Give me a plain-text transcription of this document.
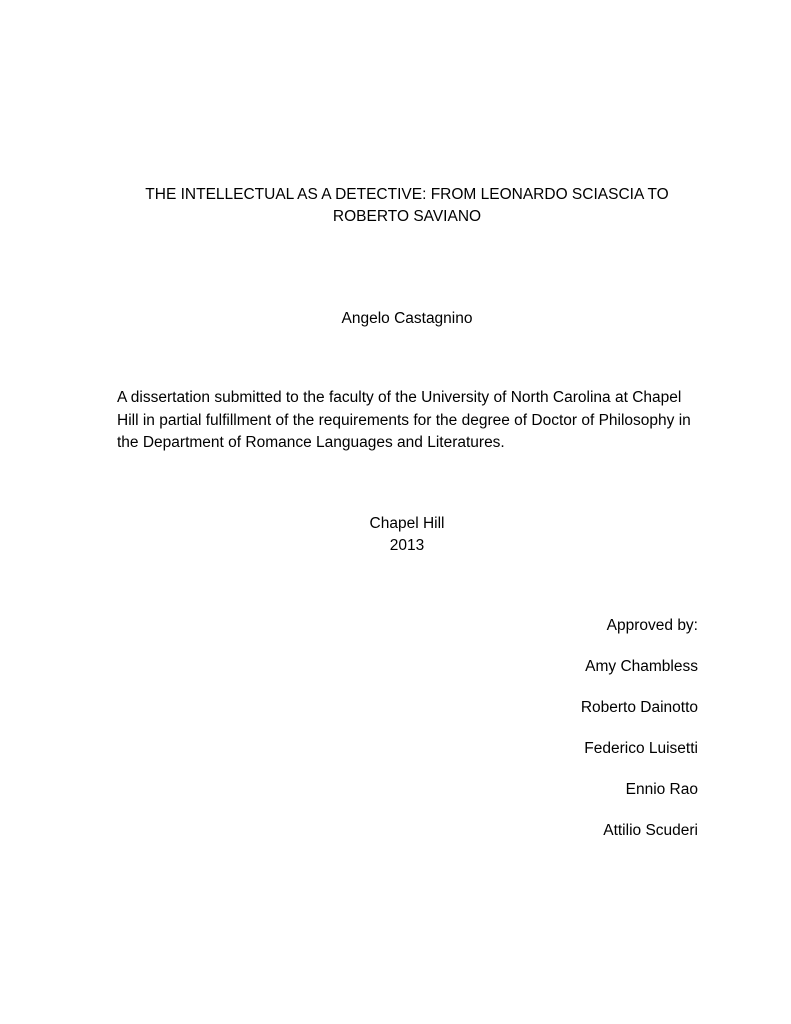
THE INTELLECTUAL AS A DETECTIVE: FROM LEONARDO SCIASCIA TO
ROBERTO SAVIANO
Angelo Castagnino
A dissertation submitted to the faculty of the University of North Carolina at Chapel
Hill in partial fulfillment of the requirements for the degree of Doctor of Philosophy in
the Department of Romance Languages and Literatures.
Chapel Hill
2013
Approved by:
Amy Chambless
Roberto Dainotto
Federico Luisetti
Ennio Rao
Attilio Scuderi
